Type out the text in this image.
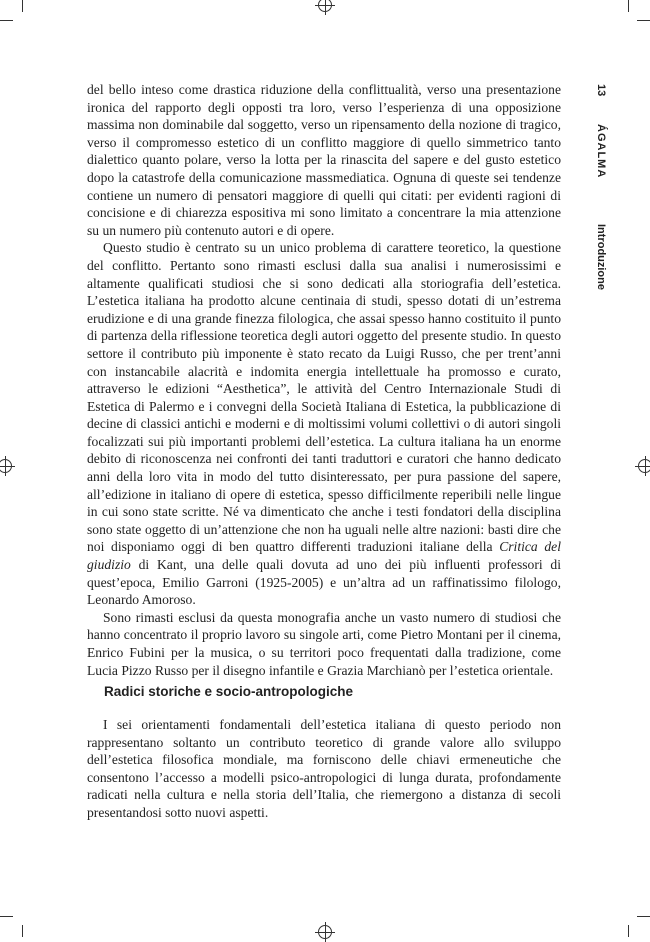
13ÁGALMAIntroduzione

del bello inteso come drastica riduzione della conflittualità, verso una presentazione ironica del rapporto degli opposti tra loro, verso l’esperienza di una opposizione massima non dominabile dal soggetto, verso un ripensamento della nozione di tragico, verso il compromesso estetico di un conflitto maggiore di quello simmetrico tanto dialettico quanto polare, verso la lotta per la rinascita del sapere e del gusto estetico dopo la catastrofe della comunicazione massmediatica. Ognuna di queste sei tendenze contiene un numero di pensatori maggiore di quelli qui citati: per evidenti ragioni di concisione e di chiarezza espositiva mi sono limitato a concentrare la mia attenzione su un numero più contenuto autori e di opere.

Questo studio è centrato su un unico problema di carattere teoretico, la questione del conflitto. Pertanto sono rimasti esclusi dalla sua analisi i numerosissimi e altamente qualificati studiosi che si sono dedicati alla storiografia dell’estetica. L’estetica italiana ha prodotto alcune centinaia di studi, spesso dotati di un’estrema erudizione e di una grande finezza filologica, che assai spesso hanno costituito il punto di partenza della riflessione teoretica degli autori oggetto del presente studio. In questo settore il contributo più imponente è stato recato da Luigi Russo, che per trent’anni con instancabile alacrità e indomita energia intellettuale ha promosso e curato, attraverso le edizioni “Aesthetica”, le attività del Centro Internazionale Studi di Estetica di Palermo e i convegni della Società Italiana di Estetica, la pubblicazione di decine di classici antichi e moderni e di moltissimi volumi collettivi o di autori singoli focalizzati sui più importanti problemi dell’estetica. La cultura italiana ha un enorme debito di riconoscenza nei confronti dei tanti traduttori e curatori che hanno dedicato anni della loro vita in modo del tutto disinteressato, per pura passione del sapere, all’edizione in italiano di opere di estetica, spesso difficilmente reperibili nelle lingue in cui sono state scritte. Né va dimenticato che anche i testi fondatori della disciplina sono state oggetto di un’attenzione che non ha uguali nelle altre nazioni: basti dire che noi disponiamo oggi di ben quattro differenti traduzioni italiane della Critica del giudizio di Kant, una delle quali dovuta ad uno dei più influenti professori di quest’epoca, Emilio Garroni (1925-2005) e un’altra ad un raffinatissimo filologo, Leonardo Amoroso.

Sono rimasti esclusi da questa monografia anche un vasto numero di studiosi che hanno concentrato il proprio lavoro su singole arti, come Pietro Montani per il cinema, Enrico Fubini per la musica, o su territori poco frequentati dalla tradizione, come Lucia Pizzo Russo per il disegno infantile e Grazia Marchianò per l’estetica orientale.

Radici storiche e socio-antropologiche

I sei orientamenti fondamentali dell’estetica italiana di questo periodo non rappresentano soltanto un contributo teoretico di grande valore allo sviluppo dell’estetica filosofica mondiale, ma forniscono delle chiavi ermeneutiche che consentono l’accesso a modelli psico-antropologici di lunga durata, profondamente radicati nella cultura e nella storia dell’Italia, che riemergono a distanza di secoli presentandosi sotto nuovi aspetti.
